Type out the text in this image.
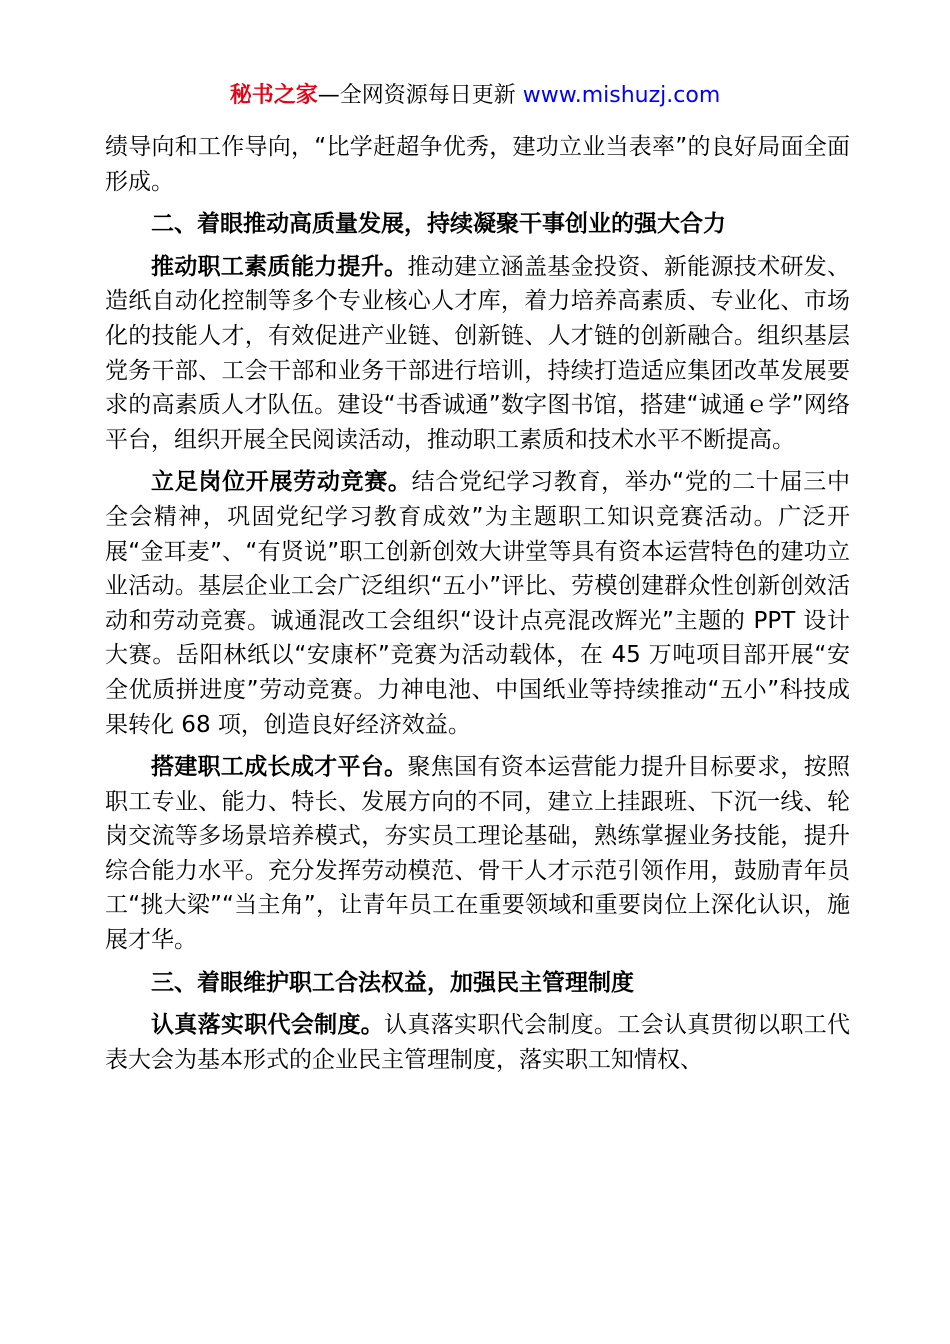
秘书之家—全网资源每日更新 www.mishuzj.com

绩导向和工作导向，“比学赶超争优秀，建功立业当表率”的良好局面全面形成。

二、着眼推动高质量发展，持续凝聚干事创业的强大合力

推动职工素质能力提升。推动建立涵盖基金投资、新能源技术研发、造纸自动化控制等多个专业核心人才库，着力培养高素质、专业化、市场化的技能人才，有效促进产业链、创新链、人才链的创新融合。组织基层党务干部、工会干部和业务干部进行培训，持续打造适应集团改革发展要求的高素质人才队伍。建设“书香诚通”数字图书馆，搭建“诚通ｅ学”网络平台，组织开展全民阅读活动，推动职工素质和技术水平不断提高。

立足岗位开展劳动竞赛。结合党纪学习教育，举办“党的二十届三中全会精神，巩固党纪学习教育成效”为主题职工知识竞赛活动。广泛开展“金耳麦”、“有贤说”职工创新创效大讲堂等具有资本运营特色的建功立业活动。基层企业工会广泛组织“五小”评比、劳模创建群众性创新创效活动和劳动竞赛。诚通混改工会组织“设计点亮混改辉光”主题的 PPT 设计大赛。岳阳林纸以“安康杯”竞赛为活动载体，在 45 万吨项目部开展“安全优质拼进度”劳动竞赛。力神电池、中国纸业等持续推动“五小”科技成果转化 68 项，创造良好经济效益。

搭建职工成长成才平台。聚焦国有资本运营能力提升目标要求，按照职工专业、能力、特长、发展方向的不同，建立上挂跟班、下沉一线、轮岗交流等多场景培养模式，夯实员工理论基础，熟练掌握业务技能，提升综合能力水平。充分发挥劳动模范、骨干人才示范引领作用，鼓励青年员工“挑大梁”“当主角”，让青年员工在重要领域和重要岗位上深化认识，施展才华。

三、着眼维护职工合法权益，加强民主管理制度

认真落实职代会制度。认真落实职代会制度。工会认真贯彻以职工代表大会为基本形式的企业民主管理制度，落实职工知情权、
